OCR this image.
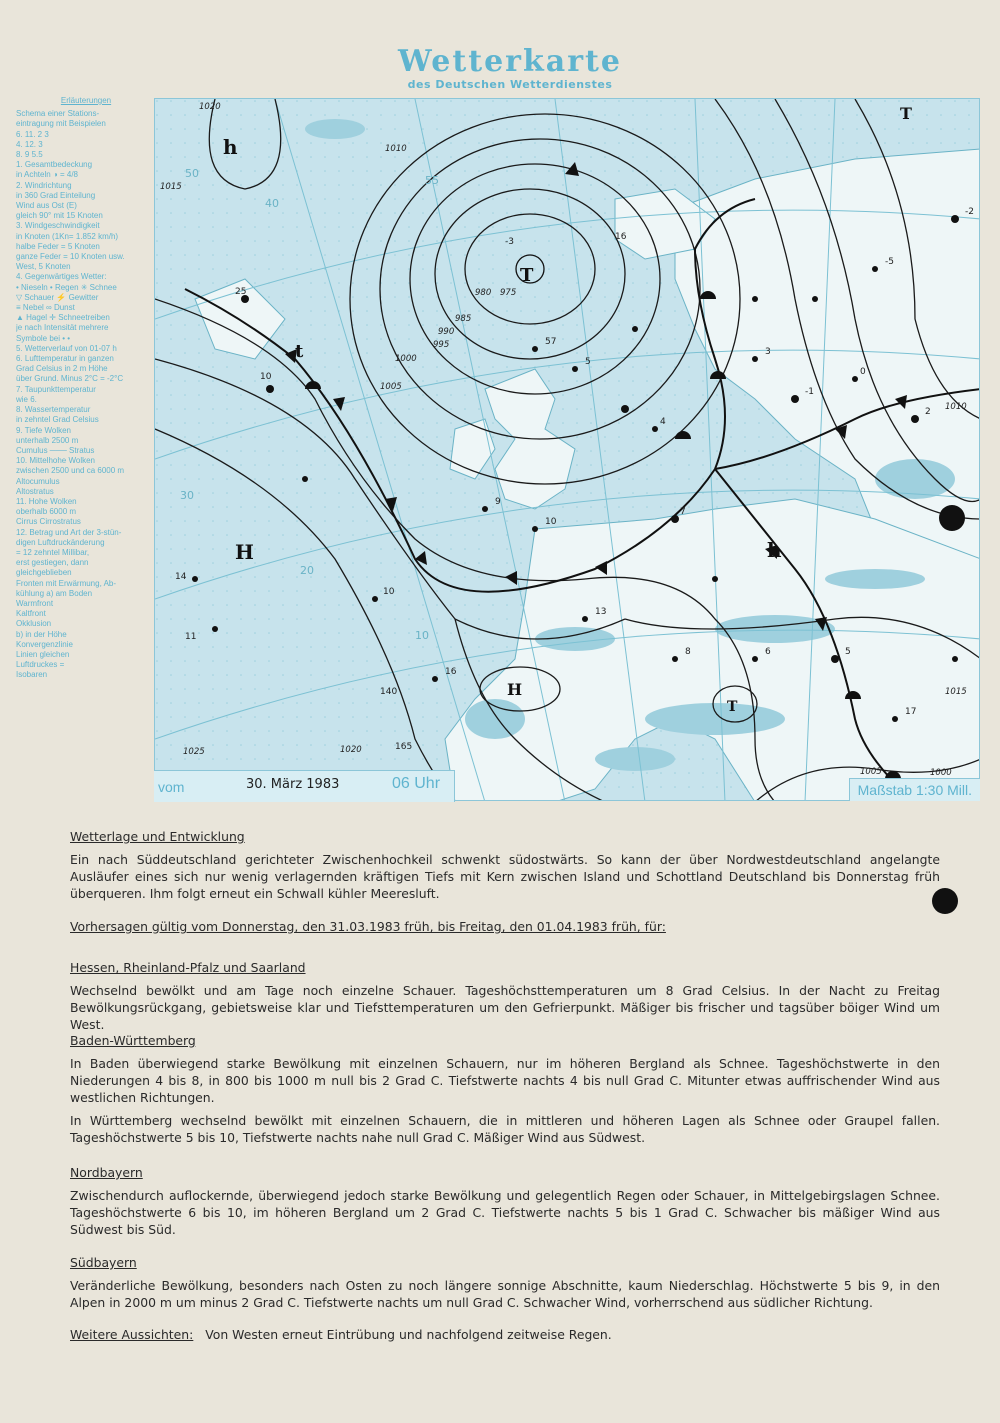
Wetterkarte
des Deutschen Wetterdienstes
Erläuterungen
Schema einer Stations-
eintragung mit Beispielen
6. 11. 2 3
4. 12. 3
8. 9 5.5
1. Gesamtbedeckung
in Achteln ◑ = 4/8
2. Windrichtung
in 360 Grad Einteilung
Wind aus Ost (E)
gleich 90° mit 15 Knoten
3. Windgeschwindigkeit
in Knoten (1Kn= 1.852 km/h)
halbe Feder = 5 Knoten
ganze Feder = 10 Knoten usw.
West, 5 Knoten
4. Gegenwärtiges Wetter:
• Nieseln • Regen ✳ Schnee
▽ Schauer ⚡ Gewitter
≡ Nebel ∞ Dunst
▲ Hagel ✛ Schneetreiben
je nach Intensität mehrere
Symbole bei • •
5. Wetterverlauf von 01-07 h
6. Lufttemperatur in ganzen
Grad Celsius in 2 m Höhe
über Grund. Minus 2°C = -2°C
7. Taupunkttemperatur
wie 6.
8. Wassertemperatur
in zehntel Grad Celsius
9. Tiefe Wolken
unterhalb 2500 m
Cumulus ─── Stratus
10. Mittelhohe Wolken
zwischen 2500 und ca 6000 m
Altocumulus
Altostratus
11. Hohe Wolken
oberhalb 6000 m
Cirrus Cirrostratus
12. Betrag und Art der 3-stün-
digen Luftdruckänderung
= 12 zehntel Millibar,
erst gestiegen, dann
gleichgeblieben
Fronten mit Erwärmung, Ab-
kühlung a) am Boden
Warmfront
Kaltfront
Okklusion
b) in der Höhe
Konvergenzlinie
Linien gleichen
Luftdruckes =
Isobaren
25
10
57
5
4
7
3
-1
0
2
-2
-5
9
10
13
8	6	5
17
10
14
11
16
140
165
-3	16
1020
1015
1010
1005
1000
995
990
985
980 975
1025	1020
1015
1010
1005	1000
40
50
55
30
20
10
h
T
t
H	h
H
T
T
vom	30. März 1983	06 Uhr	Maßstab 1:30 Mill.
Wetterlage und Entwicklung

Ein nach Süddeutschland gerichteter Zwischenhochkeil schwenkt südostwärts. So kann der über Nordwestdeutschland angelangte Ausläufer eines sich nur wenig verlagernden kräftigen Tiefs mit Kern zwischen Island und Schottland Deutschland bis Donnerstag früh überqueren. Ihm folgt erneut ein Schwall kühler Meeresluft.

Vorhersagen gültig vom Donnerstag, den 31.03.1983 früh, bis Freitag, den 01.04.1983 früh, für:
Hessen, Rheinland-Pfalz und Saarland

Wechselnd bewölkt und am Tage noch einzelne Schauer. Tageshöchsttemperaturen um 8 Grad Celsius. In der Nacht zu Freitag Bewölkungsrückgang, gebietsweise klar und Tiefsttemperaturen um den Gefrierpunkt. Mäßiger bis frischer und tagsüber böiger Wind um West.

Baden-Württemberg

In Baden überwiegend starke Bewölkung mit einzelnen Schauern, nur im höheren Bergland als Schnee. Tageshöchstwerte in den Niederungen 4 bis 8, in 800 bis 1000 m null bis 2 Grad C. Tiefstwerte nachts 4 bis null Grad C. Mitunter etwas auffrischender Wind aus westlichen Richtungen.

In Württemberg wechselnd bewölkt mit einzelnen Schauern, die in mittleren und höheren Lagen als Schnee oder Graupel fallen. Tageshöchstwerte 5 bis 10, Tiefstwerte nachts nahe null Grad C. Mäßiger Wind aus Südwest.

Nordbayern

Zwischendurch auflockernde, überwiegend jedoch starke Bewölkung und gelegentlich Regen oder Schauer, in Mittelgebirgslagen Schnee. Tageshöchstwerte 6 bis 10, im höheren Bergland um 2 Grad C. Tiefstwerte nachts 5 bis 1 Grad C. Schwacher bis mäßiger Wind aus Südwest bis Süd.

Südbayern

Veränderliche Bewölkung, besonders nach Osten zu noch längere sonnige Abschnitte, kaum Niederschlag. Höchstwerte 5 bis 9, in den Alpen in 2000 m um minus 2 Grad C. Tiefstwerte nachts um null Grad C. Schwacher Wind, vorherrschend aus südlicher Richtung.

Weitere Aussichten: Von Westen erneut Eintrübung und nachfolgend zeitweise Regen.
